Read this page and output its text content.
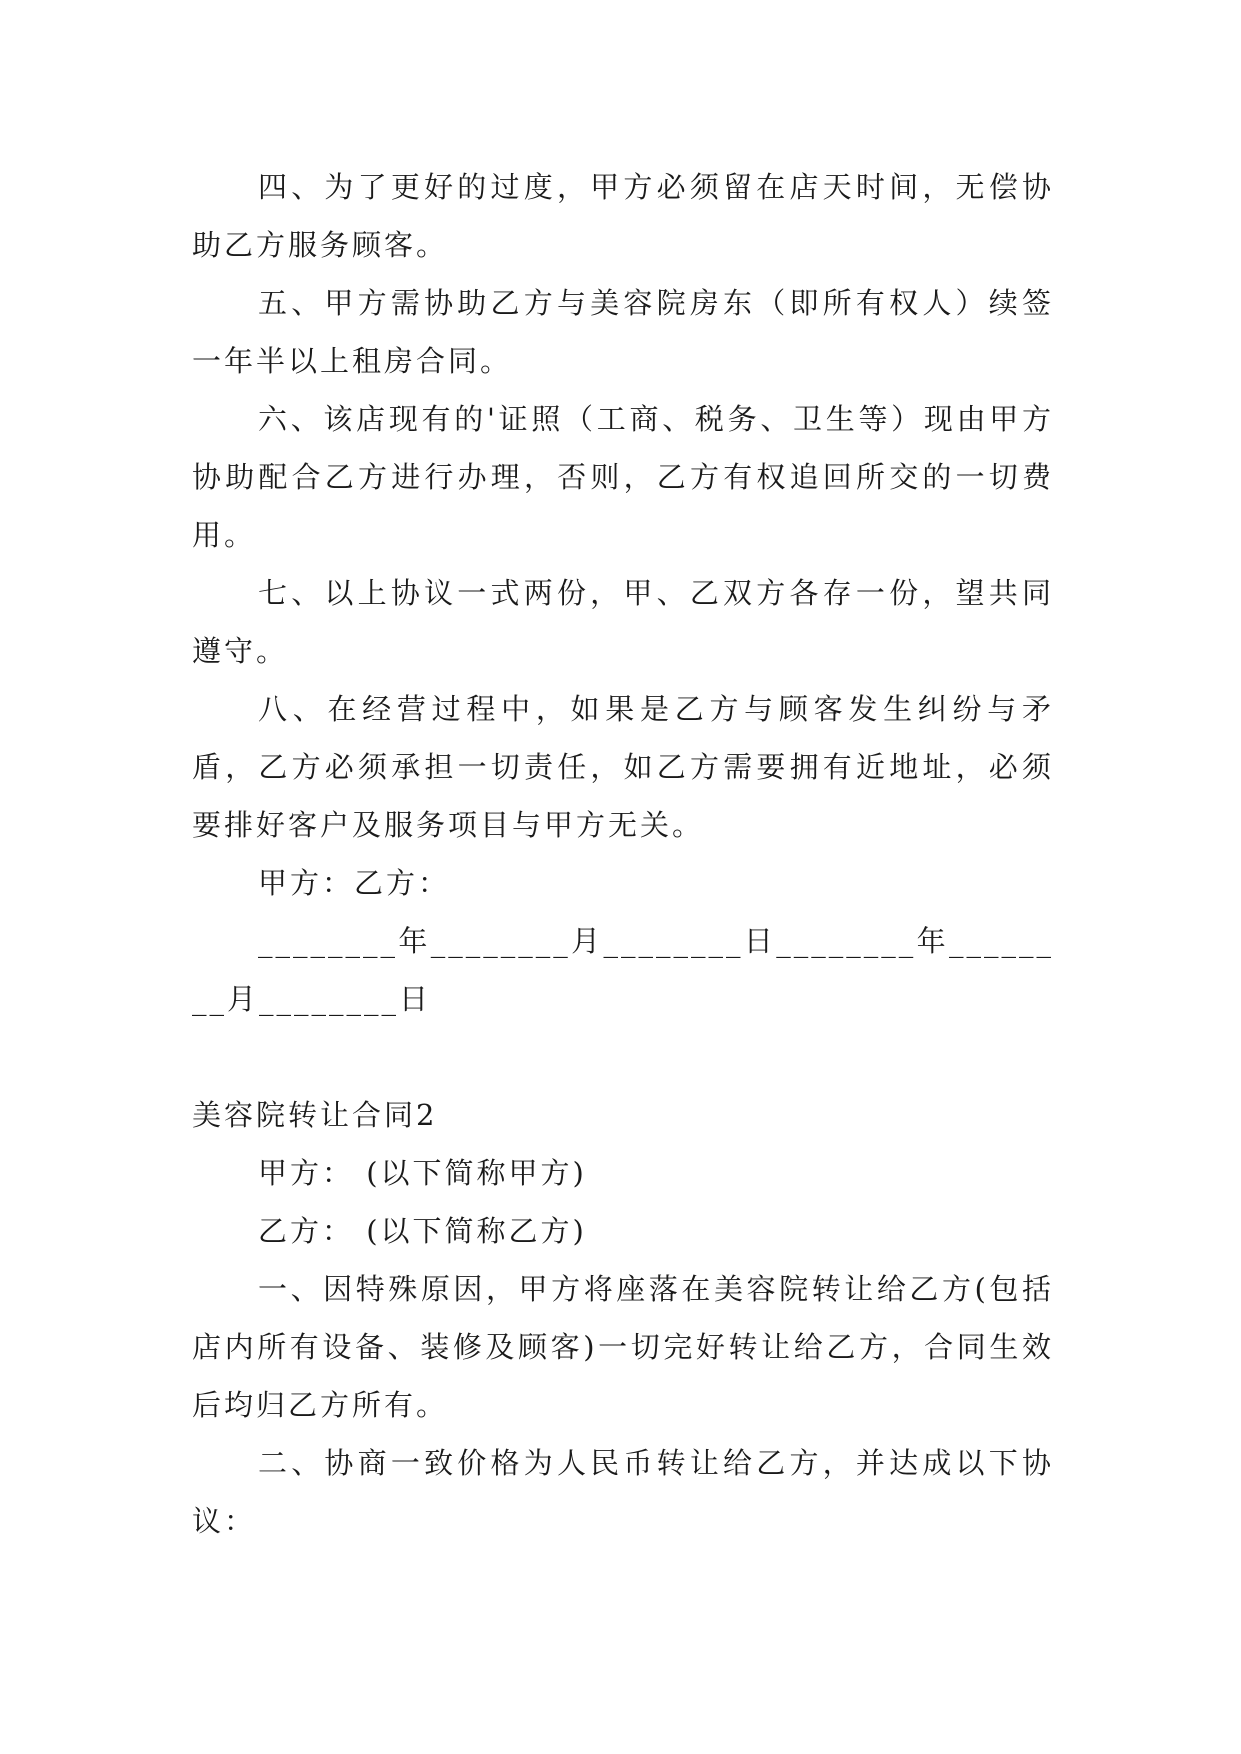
四、为了更好的过度，甲方必须留在店天时间，无偿协助乙方服务顾客。

五、甲方需协助乙方与美容院房东（即所有权人）续签一年半以上租房合同。

六、该店现有的'证照（工商、税务、卫生等）现由甲方协助配合乙方进行办理，否则，乙方有权追回所交的一切费用。

七、以上协议一式两份，甲、乙双方各存一份，望共同遵守。

八、在经营过程中，如果是乙方与顾客发生纠纷与矛盾，乙方必须承担一切责任，如乙方需要拥有近地址，必须要排好客户及服务项目与甲方无关。

甲方：乙方：

________年________月________日________年________月________日

美容院转让合同2

甲方： (以下简称甲方)

乙方： (以下简称乙方)

一、因特殊原因，甲方将座落在美容院转让给乙方(包括店内所有设备、装修及顾客)一切完好转让给乙方，合同生效后均归乙方所有。

二、协商一致价格为人民币转让给乙方，并达成以下协议：
